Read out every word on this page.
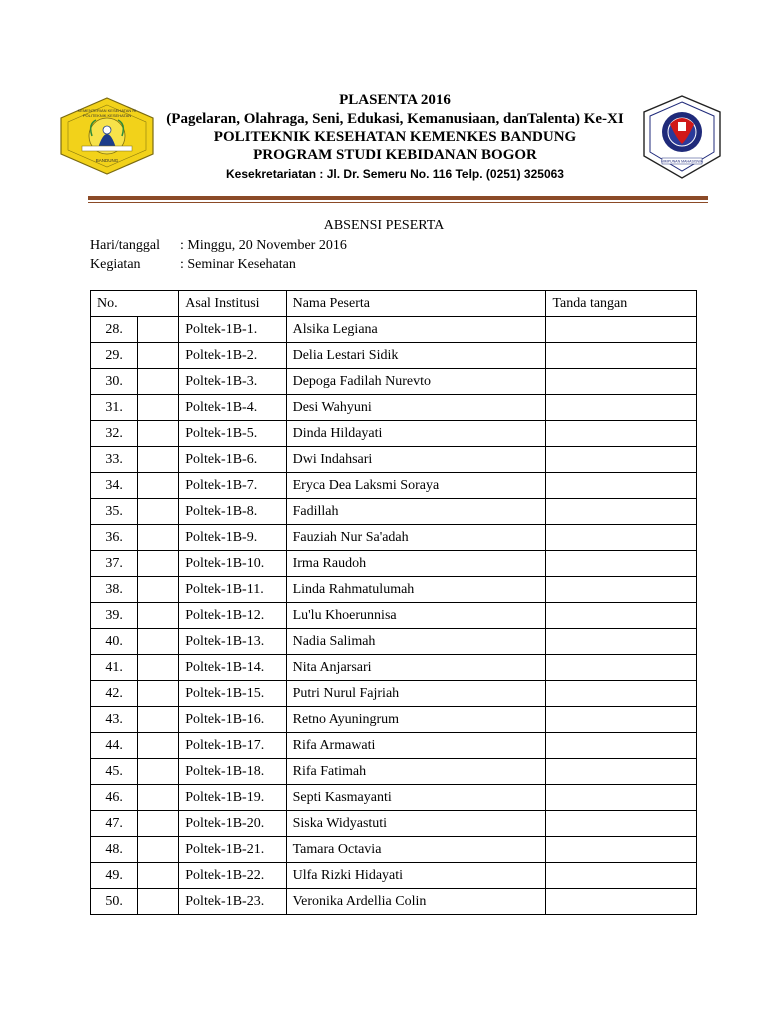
KEMENTERIAN KESEHATAN RI
POLITEKNIK KESEHATAN
BANDUNG	HIMPUNAN MAHASISWA
PLASENTA 2016
(Pagelaran, Olahraga, Seni, Edukasi, Kemanusiaan, danTalenta) Ke-XI
POLITEKNIK KESEHATAN KEMENKES BANDUNG
PROGRAM STUDI KEBIDANAN BOGOR
Kesekretariatan : Jl. Dr. Semeru No. 116 Telp. (0251) 325063
ABSENSI PESERTA
Hari/tanggal	: Minggu, 20 November 2016
Kegiatan	: Seminar Kesehatan
No.		Asal Institusi	Nama Peserta	Tanda tangan
28.		Poltek-1B-1.	Alsika Legiana	
29.		Poltek-1B-2.	Delia Lestari Sidik	
30.		Poltek-1B-3.	Depoga Fadilah Nurevto	
31.		Poltek-1B-4.	Desi Wahyuni	
32.		Poltek-1B-5.	Dinda Hildayati	
33.		Poltek-1B-6.	Dwi Indahsari	
34.		Poltek-1B-7.	Eryca Dea Laksmi Soraya	
35.		Poltek-1B-8.	Fadillah	
36.		Poltek-1B-9.	Fauziah Nur Sa'adah	
37.		Poltek-1B-10.	Irma Raudoh	
38.		Poltek-1B-11.	Linda Rahmatulumah	
39.		Poltek-1B-12.	Lu'lu Khoerunnisa	
40.		Poltek-1B-13.	Nadia Salimah	
41.		Poltek-1B-14.	Nita Anjarsari	
42.		Poltek-1B-15.	Putri Nurul Fajriah	
43.		Poltek-1B-16.	Retno Ayuningrum	
44.		Poltek-1B-17.	Rifa Armawati	
45.		Poltek-1B-18.	Rifa Fatimah	
46.		Poltek-1B-19.	Septi Kasmayanti	
47.		Poltek-1B-20.	Siska Widyastuti	
48.		Poltek-1B-21.	Tamara Octavia	
49.		Poltek-1B-22.	Ulfa Rizki Hidayati	
50.		Poltek-1B-23.	Veronika Ardellia Colin	
